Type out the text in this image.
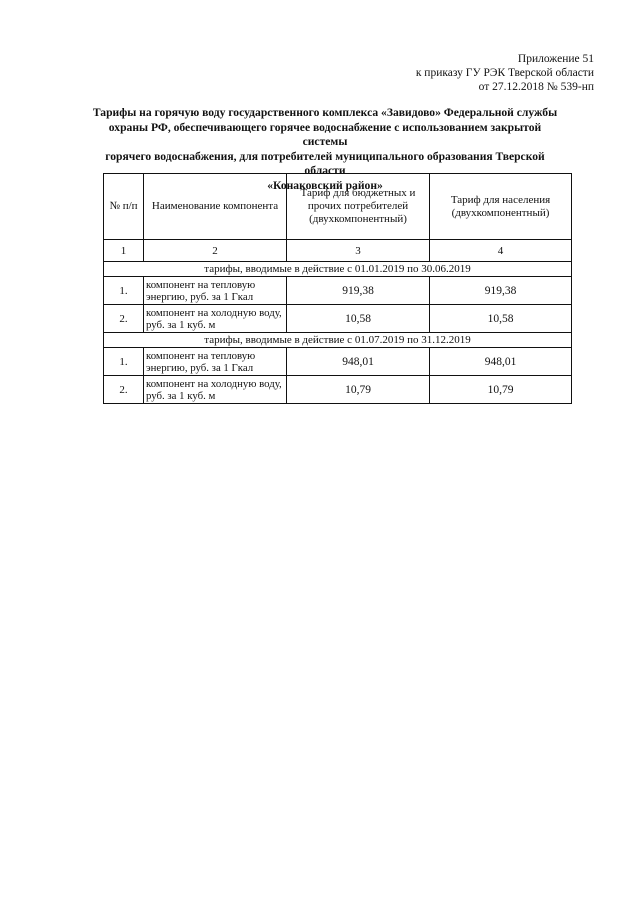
Приложение 51
к приказу ГУ РЭК Тверской области
от 27.12.2018 № 539-нп
Тарифы на горячую воду государственного комплекса «Завидово» Федеральной службы
охраны РФ, обеспечивающего горячее водоснабжение с использованием закрытой системы
горячего водоснабжения, для потребителей муниципального образования Тверской области
«Конаковский район»
№ п/п	Наименование компонента	Тариф для бюджетных и прочих потребителей (двухкомпонентный)	Тариф для населения (двухкомпонентный)
1	2	3	4
тарифы, вводимые в действие с 01.01.2019 по 30.06.2019			
1.	компонент на тепловую энергию, руб. за 1 Гкал	919,38	919,38
2.	компонент на холодную воду, руб. за 1 куб. м	10,58	10,58
тарифы, вводимые в действие с 01.07.2019 по 31.12.2019			
1.	компонент на тепловую энергию, руб. за 1 Гкал	948,01	948,01
2.	компонент на холодную воду, руб. за 1 куб. м	10,79	10,79
